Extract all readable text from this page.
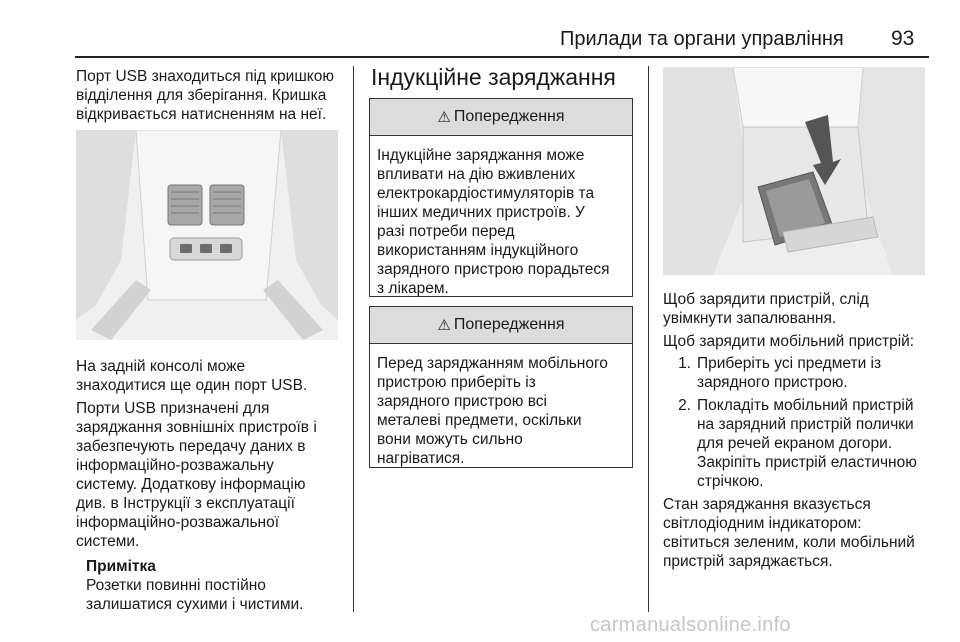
Прилади та органи управління 93

Порт USB знаходиться під кришкою
відділення для зберігання. Кришка
відкривається натисненням на неї.

На задній консолі може
знаходитися ще один порт USB.

Порти USB призначені для
заряджання зовнішніх пристроїв і
забезпечують передачу даних в
інформаційно-розважальну
систему. Додаткову інформацію
див. в Інструкції з експлуатації
інформаційно-розважальної
системи.

Примітка

Розетки повинні постійно
залишатися сухими і чистими.

Індукційне заряджання
⚠ Попередження
Індукційне заряджання може
впливати на дію вживлених
електрокардіостимуляторів та
інших медичних пристроїв. У
разі потреби перед
використанням індукційного
зарядного пристрою порадьтеся
з лікарем.
⚠ Попередження
Перед заряджанням мобільного
пристрою приберіть із
зарядного пристрою всі
металеві предмети, оскільки
вони можуть сильно
нагріватися.

Щоб зарядити пристрій, слід
увімкнути запалювання.

Щоб зарядити мобільний пристрій:

1. Приберіть усі предмети із
зарядного пристрою.
2. Покладіть мобільний пристрій
на зарядний пристрій полички
для речей екраном догори.
Закріпіть пристрій еластичною
стрічкою.

Стан заряджання вказується
світлодіодним індикатором:
світиться зеленим, коли мобільний
пристрій заряджається.

carmanualsonline.info
